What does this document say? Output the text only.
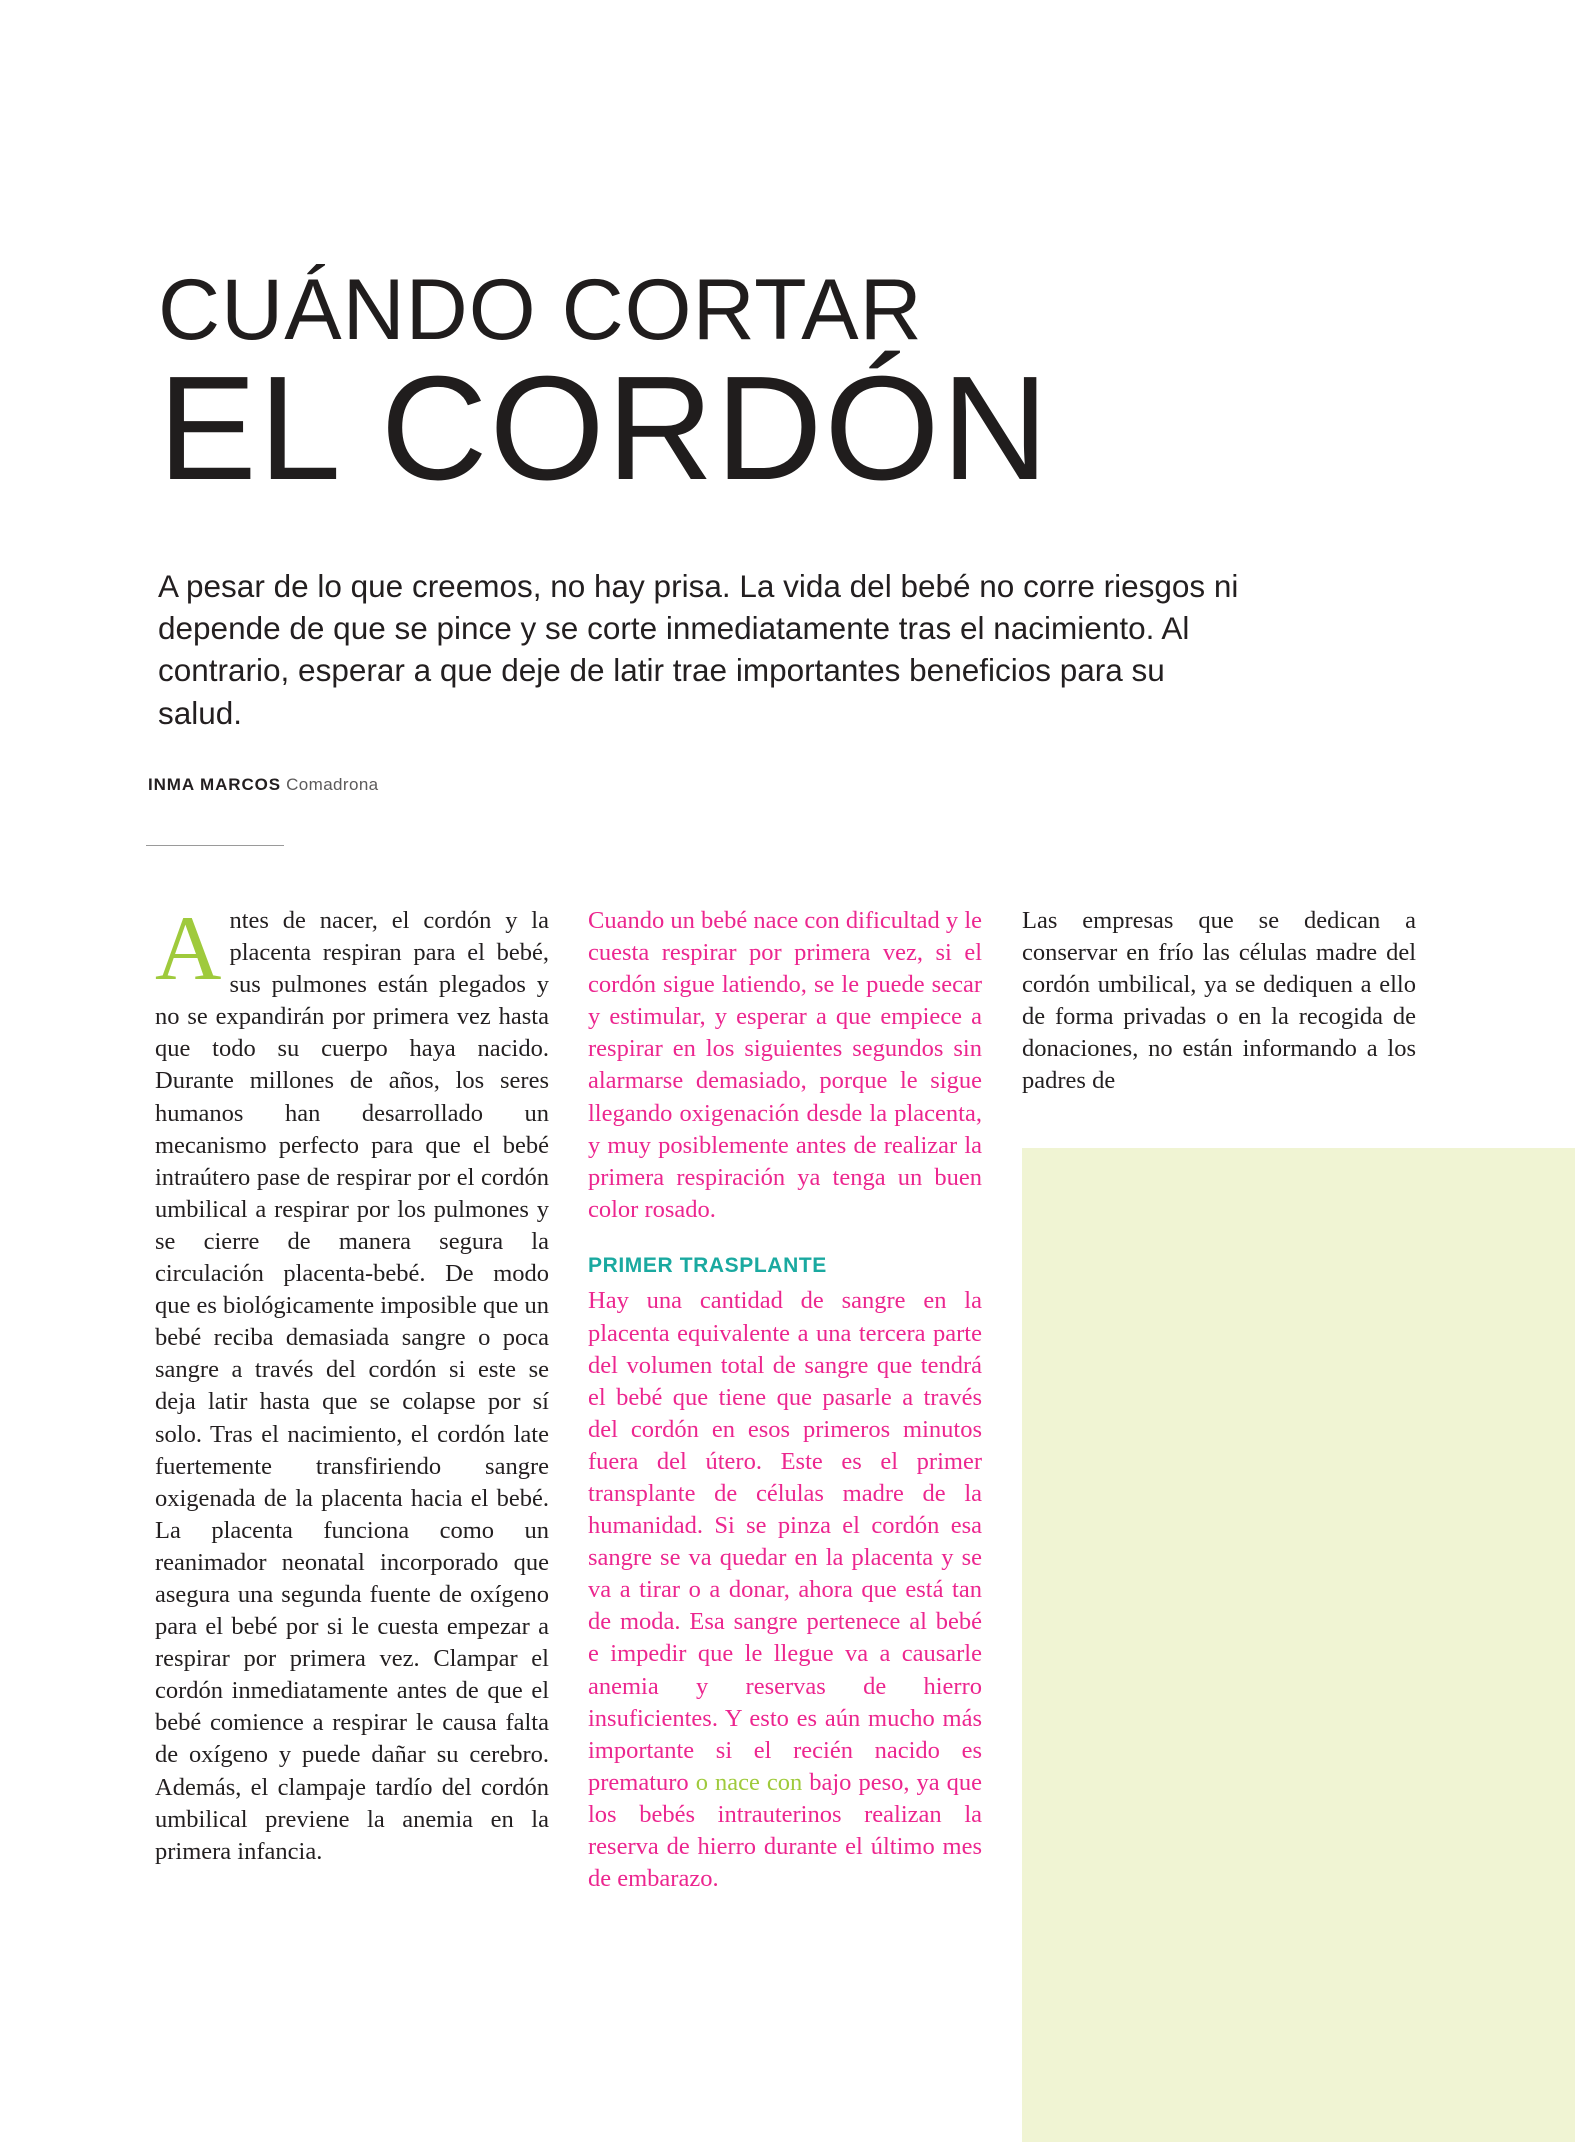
CUÁNDO CORTAR
EL CORDÓN
A pesar de lo que creemos, no hay prisa. La vida del bebé no corre riesgos ni depende de que se pince y se corte inmediatamente tras el nacimiento. Al contrario, esperar a que deje de latir trae importantes beneficios para su salud.
INMA MARCOS Comadrona

Antes de nacer, el cordón y la placenta respiran para el bebé, sus pulmones están plegados y no se expandirán por primera vez hasta que todo su cuerpo haya nacido. Durante millones de años, los seres humanos han desarrollado un mecanismo perfecto para que el bebé intraútero pase de respirar por el cordón umbilical a respirar por los pulmones y se cierre de manera segura la circulación placenta-bebé. De modo que es biológicamente imposible que un bebé reciba demasiada sangre o poca sangre a través del cordón si este se deja latir hasta que se colapse por sí solo. Tras el nacimiento, el cordón late fuertemente transfiriendo sangre oxigenada de la placenta hacia el bebé. La placenta funciona como un reanimador neonatal incorporado que asegura una segunda fuente de oxígeno para el bebé por si le cuesta empezar a respirar por primera vez. Clampar el cordón inmediatamente antes de que el bebé comience a respirar le causa falta de oxígeno y puede dañar su cerebro. Además, el clampaje tardío del cordón umbilical previene la anemia en la primera infancia.

Cuando un bebé nace con dificultad y le cuesta respirar por primera vez, si el cordón sigue latiendo, se le puede secar y estimular, y esperar a que empiece a respirar en los siguientes segundos sin alarmarse demasiado, porque le sigue llegando oxigenación desde la placenta, y muy posiblemente antes de realizar la primera respiración ya tenga un buen color rosado.

PRIMER TRASPLANTE

Hay una cantidad de sangre en la placenta equivalente a una tercera parte del volumen total de sangre que tendrá el bebé que tiene que pasarle a través del cordón en esos primeros minutos fuera del útero. Este es el primer transplante de células madre de la humanidad. Si se pinza el cordón esa sangre se va quedar en la placenta y se va a tirar o a donar, ahora que está tan de moda. Esa sangre pertenece al bebé e impedir que le llegue va a causarle anemia y reservas de hierro insuficientes. Y esto es aún mucho más importante si el recién nacido es prematuro o nace con bajo peso, ya que los bebés intrauterinos realizan la reserva de hierro durante el último mes de embarazo.

Las empresas que se dedican a conservar en frío las células madre del cordón umbilical, ya se dediquen a ello de forma privadas o en la recogida de donaciones, no están informando a los padres de
